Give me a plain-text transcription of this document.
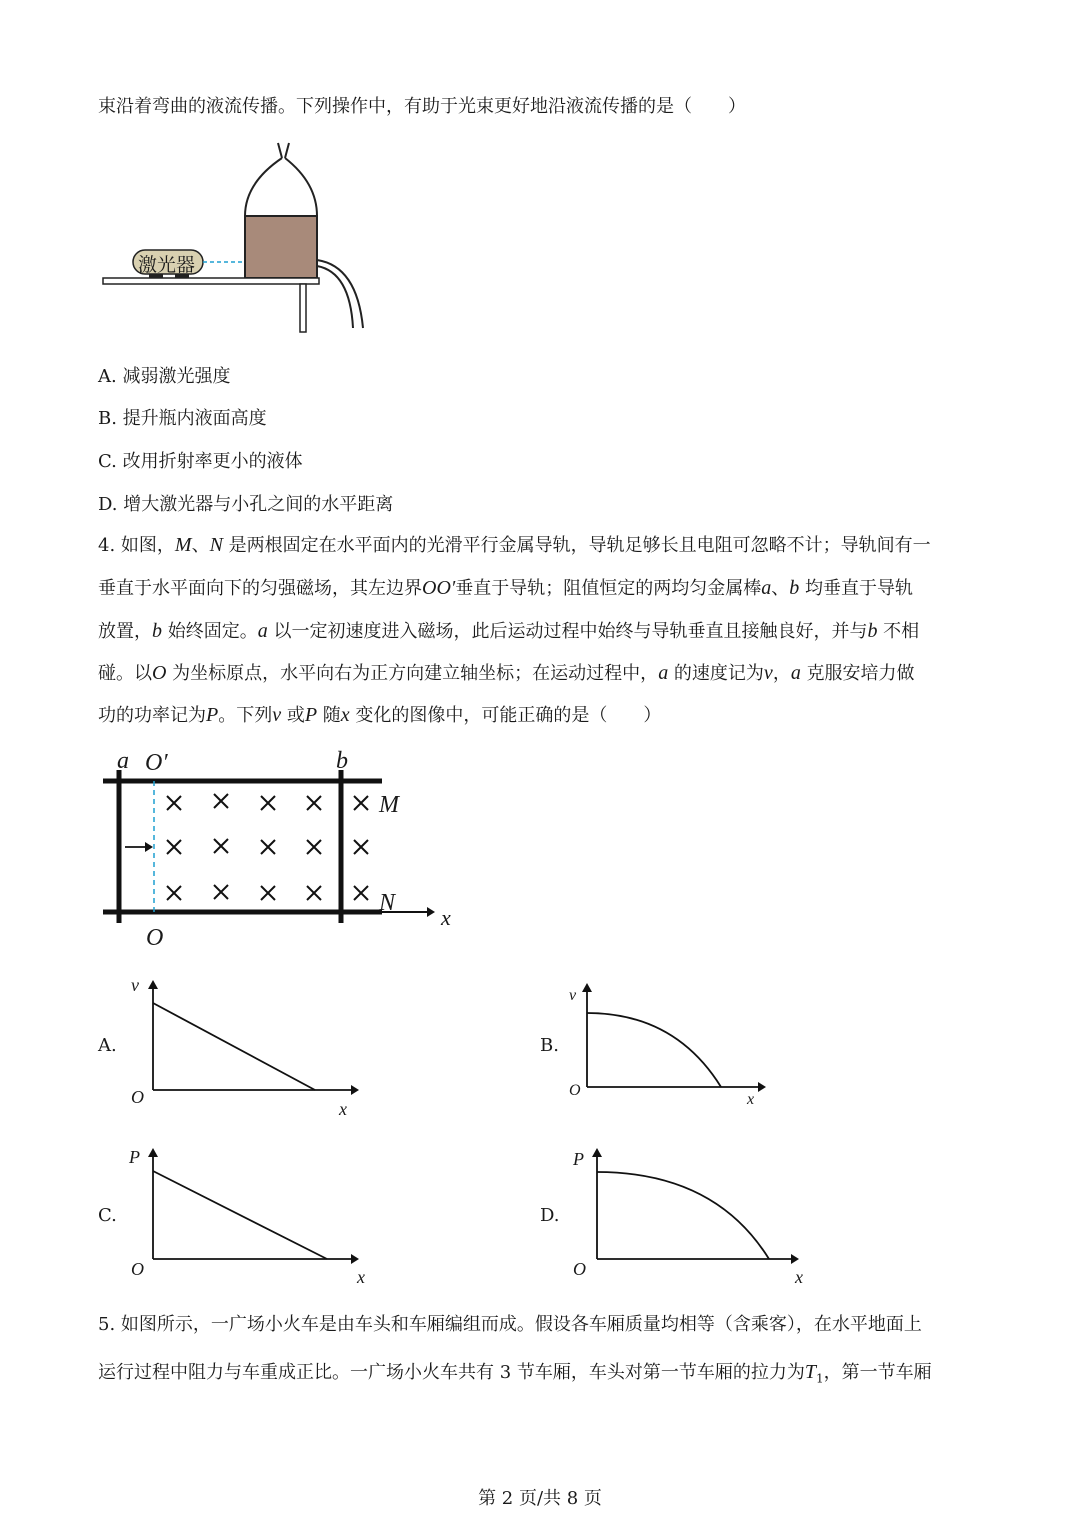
束沿着弯曲的液流传播。下列操作中，有助于光束更好地沿液流传播的是（　　）
激光器
A. 减弱激光强度
B. 提升瓶内液面高度
C. 改用折射率更小的液体
D. 增大激光器与小孔之间的水平距离
4. 如图，M、N 是两根固定在水平面内的光滑平行金属导轨，导轨足够长且电阻可忽略不计；导轨间有一
垂直于水平面向下的匀强磁场，其左边界OO′垂直于导轨；阻值恒定的两均匀金属棒a、b 均垂直于导轨
放置，b 始终固定。a 以一定初速度进入磁场，此后运动过程中始终与导轨垂直且接触良好，并与b 不相
碰。以O 为坐标原点，水平向右为正方向建立轴坐标；在运动过程中，a 的速度记为v，a 克服安培力做
功的功率记为P。下列v 或P 随x 变化的图像中，可能正确的是（　　）
a O′	b
M
N
O
x
A.
v
O
x
B.
v
O
x
C.
P
O	x
D.
P
O	x
5. 如图所示，一广场小火车是由车头和车厢编组而成。假设各车厢质量均相等（含乘客），在水平地面上
运行过程中阻力与车重成正比。一广场小火车共有 3 节车厢，车头对第一节车厢的拉力为$T_1$，第一节车厢
第 2 页/共 8 页
